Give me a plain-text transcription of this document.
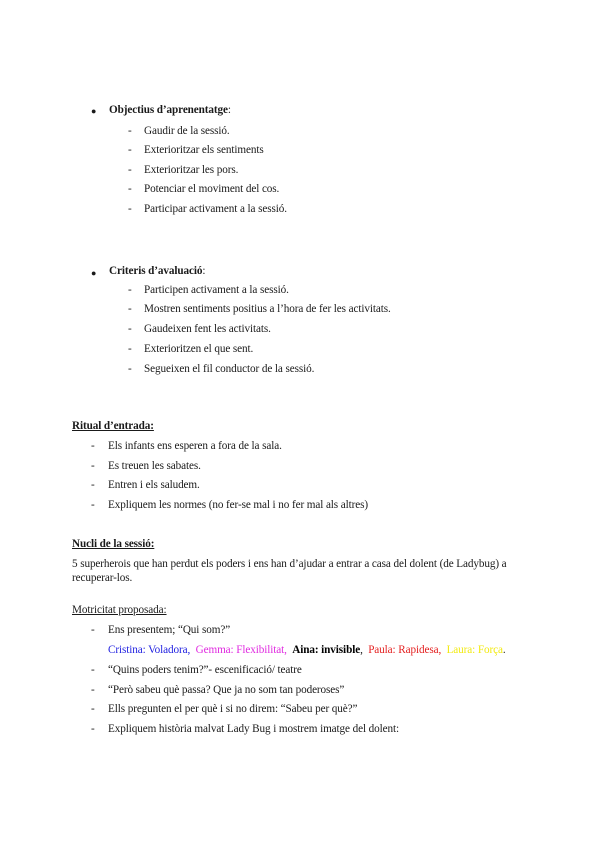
● Objectius d’aprenentatge:
- Gaudir de la sessió.
- Exterioritzar els sentiments
- Exterioritzar les pors.
- Potenciar el moviment del cos.
- Participar activament a la sessió.
● Criteris d’avaluació:
- Participen activament a la sessió.
- Mostren sentiments positius a l’hora de fer les activitats.
- Gaudeixen fent les activitats.
- Exterioritzen el que sent.
- Segueixen el fil conductor de la sessió.
Ritual d’entrada:
- Els infants ens esperen a fora de la sala.
- Es treuen les sabates.
- Entren i els saludem.
- Expliquem les normes (no fer-se mal i no fer mal als altres)
Nucli de la sessió:
5 superherois que han perdut els poders i ens han d’ajudar a entrar a casa del dolent (de Ladybug) a
recuperar-los.
Motricitat proposada:
- Ens presentem; “Qui som?”
Cristina: Voladora, Gemma: Flexibilitat, Aina: invisible, Paula: Rapidesa, Laura: Força.
- “Quins poders tenim?”- escenificació/ teatre
- “Però sabeu què passa? Que ja no som tan poderoses”
- Ells pregunten el per què i si no direm: “Sabeu per què?”
- Expliquem història malvat Lady Bug i mostrem imatge del dolent:
